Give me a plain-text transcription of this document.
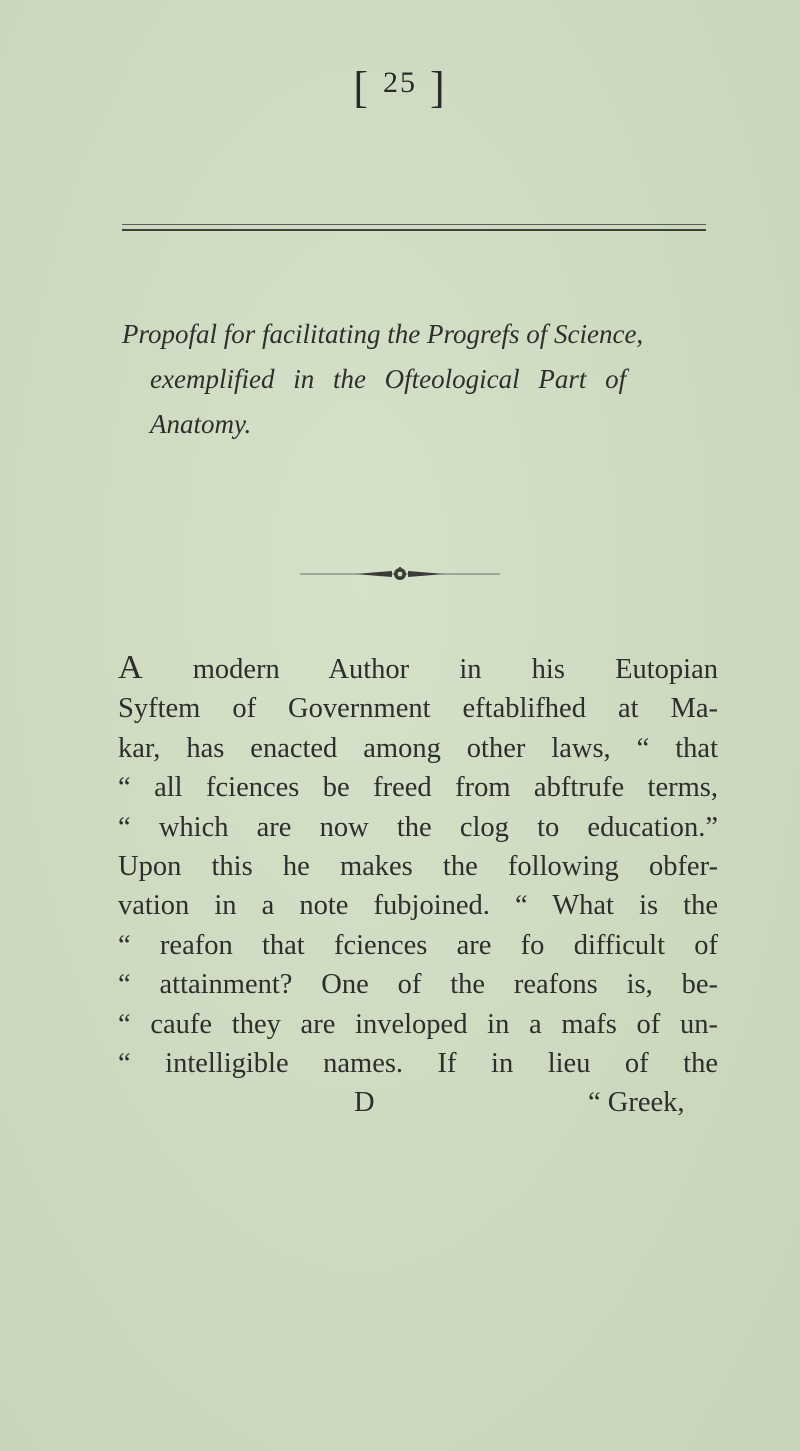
[ $^{25}$ ]
Propofal for facilitating the Progrefs of Science,
exemplified in the Ofteological Part of
Anatomy.
A modern Author in his Eutopian
Syftem of Government eftablifhed at Ma-
kar, has enacted among other laws, “ that
“ all fciences be freed from abftrufe terms,
“ which are now the clog to education.”
Upon this he makes the following obfer-
vation in a note fubjoined. “ What is the
“ reafon that fciences are fo difficult of
“ attainment? One of the reafons is, be-
“ caufe they are inveloped in a mafs of un-
“ intelligible names. If in lieu of the
D	“ Greek,
